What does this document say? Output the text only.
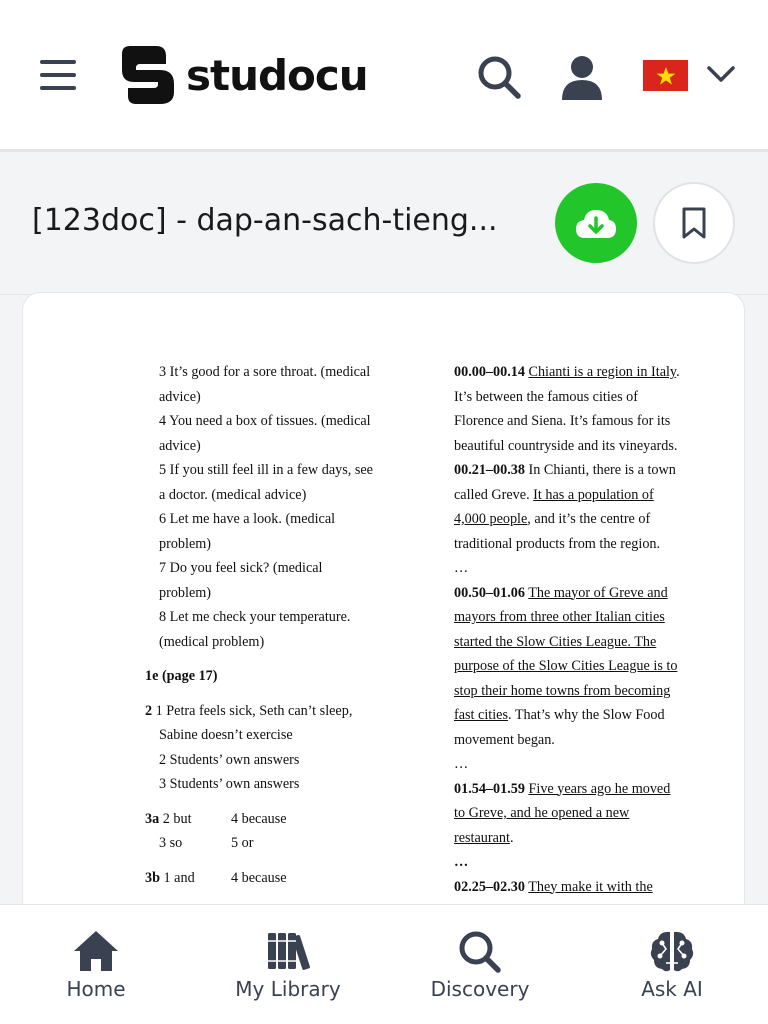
studocu
[123doc] - dap-an-sach-tieng...
3 It’s good for a sore throat. (medical
advice)
4 You need a box of tissues. (medical
advice)
5 If you still feel ill in a few days, see
a doctor. (medical advice)
6 Let me have a look. (medical
problem)
7 Do you feel sick? (medical
problem)
8 Let me check your temperature.
(medical problem)
1e (page 17)
2 1 Petra feels sick, Seth can’t sleep,
Sabine doesn’t exercise
2 Students’ own answers
3 Students’ own answers
3a 2 but	4 because
3 so	5 or
3b 1 and	4 because
00.00–00.14 Chianti is a region in Italy.
It’s between the famous cities of
Florence and Siena. It’s famous for its
beautiful countryside and its vineyards.
00.21–00.38 In Chianti, there is a town
called Greve. It has a population of
4,000 people, and it’s the centre of
traditional products from the region.
…
00.50–01.06 The mayor of Greve and
mayors from three other Italian cities
started the Slow Cities League. The
purpose of the Slow Cities League is to
stop their home towns from becoming
fast cities. That’s why the Slow Food
movement began.
…
01.54–01.59 Five years ago he moved
to Greve, and he opened a new
restaurant.
…
02.25–02.30 They make it with the
Home	My Library	Discovery	Ask AI
